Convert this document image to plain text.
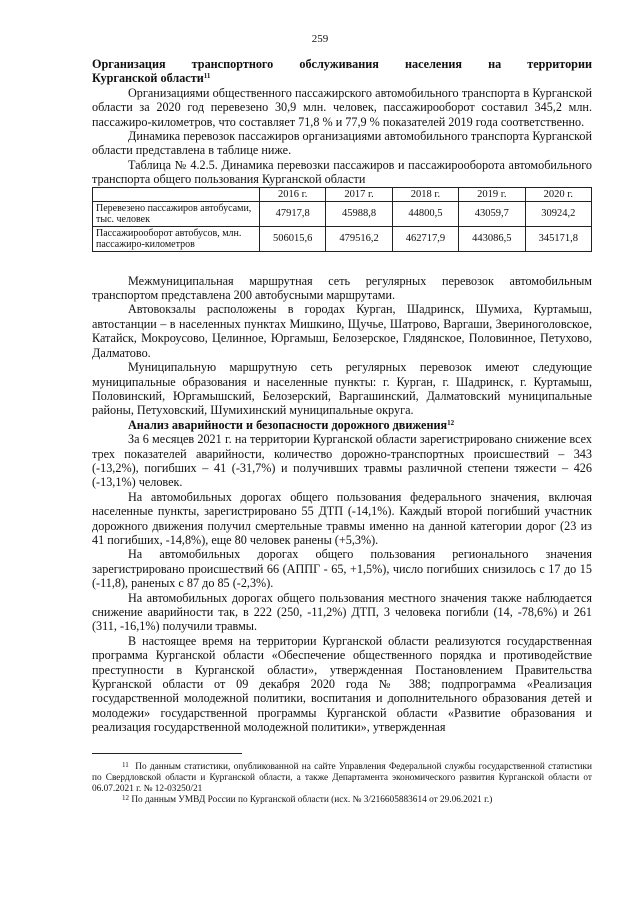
259
Организация транспортного обслуживания населения на территории

Курганской области$^{11}$

Организациями общественного пассажирского автомобильного транспорта в Курганской области за 2020 год перевезено 30,9 млн. человек, пассажирооборот составил 345,2 млн. пассажиро-километров, что составляет 71,8 % и 77,9 % показателей 2019 года соответственно.

Динамика перевозок пассажиров организациями автомобильного транспорта Курганской области представлена в таблице ниже.

Таблица № 4.2.5. Динамика перевозки пассажиров и пассажирооборота автомобильного транспорта общего пользования Курганской области

	2016 г.	2017 г.	2018 г.	2019 г.	2020 г.
Перевезено пассажиров автобусами, тыс. человек	47917,8	45988,8	44800,5	43059,7	30924,2
Пассажирооборот автобусов, млн. пассажиро-километров	506015,6	479516,2	462717,9	443086,5	345171,8

Межмуниципальная маршрутная сеть регулярных перевозок автомобильным транспортом представлена 200 автобусными маршрутами.

Автовокзалы расположены в городах Курган, Шадринск, Шумиха, Куртамыш, автостанции – в населенных пунктах Мишкино, Щучье, Шатрово, Варгаши, Звериноголовское, Катайск, Мокроусово, Целинное, Юргамыш, Белозерское, Глядянское, Половинное, Петухово, Далматово.

Муниципальную маршрутную сеть регулярных перевозок имеют следующие муниципальные образования и населенные пункты: г. Курган, г. Шадринск, г. Куртамыш, Половинский, Юргамышский, Белозерский, Варгашинский, Далматовский муниципальные районы, Петуховский, Шумихинский муниципальные округа.

Анализ аварийности и безопасности дорожного движения$^{12}$

За 6 месяцев 2021 г. на территории Курганской области зарегистрировано снижение всех трех показателей аварийности, количество дорожно-транспортных происшествий – 343 (-13,2%), погибших – 41 (-31,7%) и получивших травмы различной степени тяжести – 426 (-13,1%) человек.

На автомобильных дорогах общего пользования федерального значения, включая населенные пункты, зарегистрировано 55 ДТП (-14,1%). Каждый второй погибший участник дорожного движения получил смертельные травмы именно на данной категории дорог (23 из 41 погибших, -14,8%), еще 80 человек ранены (+5,3%).

На автомобильных дорогах общего пользования регионального значения зарегистрировано происшествий 66 (АППГ - 65, +1,5%), число погибших снизилось с 17 до 15 (-11,8), раненых с 87 до 85 (-2,3%).

На автомобильных дорогах общего пользования местного значения также наблюдается снижение аварийности так, в 222 (250, -11,2%) ДТП, 3 человека погибли (14, -78,6%) и 261 (311, -16,1%) получили травмы.

В настоящее время на территории Курганской области реализуются государственная программа Курганской области «Обеспечение общественного порядка и противодействие преступности в Курганской области», утвержденная Постановлением Правительства Курганской области от 09 декабря 2020 года № 388; подпрограмма «Реализация государственной молодежной политики, воспитания и дополнительного образования детей и молодежи» государственной программы Курганской области «Развитие образования и реализация государственной молодежной политики», утвержденная

$^{11}$ По данным статистики, опубликованной на сайте Управления Федеральной службы государственной статистики по Свердловской области и Курганской области, а также Департамента экономического развития Курганской области от 06.07.2021 г. № 12-03250/21

$^{12}$ По данным УМВД России по Курганской области (исх. № 3/216605883614 от 29.06.2021 г.)
